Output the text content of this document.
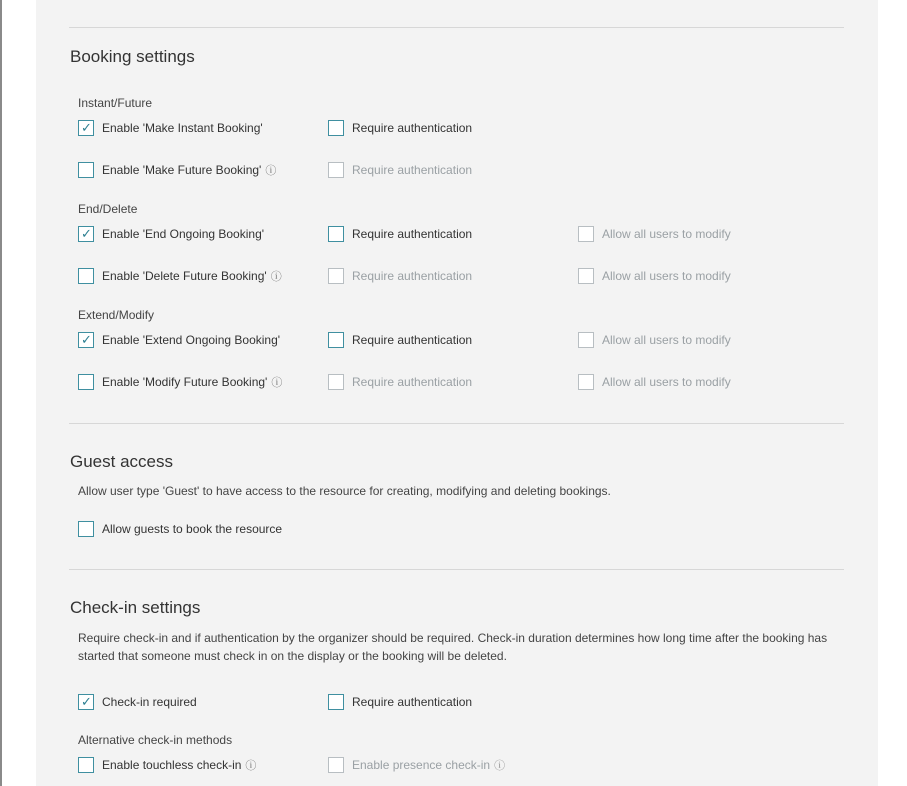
Booking settings
Instant/Future
✓
Enable 'Make Instant Booking'	Require authentication
Enable 'Make Future Booking' ⓘ	Require authentication
End/Delete
✓
Enable 'End Ongoing Booking'	Require authentication	Allow all users to modify
Enable 'Delete Future Booking' ⓘ	Require authentication	Allow all users to modify
Extend/Modify
✓
Enable 'Extend Ongoing Booking'	Require authentication	Allow all users to modify
Enable 'Modify Future Booking' ⓘ	Require authentication	Allow all users to modify
Guest access
Allow user type 'Guest' to have access to the resource for creating, modifying and deleting bookings.
Allow guests to book the resource
Check-in settings
Require check-in and if authentication by the organizer should be required. Check-in duration determines how long time after the booking has started that someone must check in on the display or the booking will be deleted.
✓
Check-in required	Require authentication
Alternative check-in methods
Enable touchless check-in ⓘ	Enable presence check-in ⓘ
